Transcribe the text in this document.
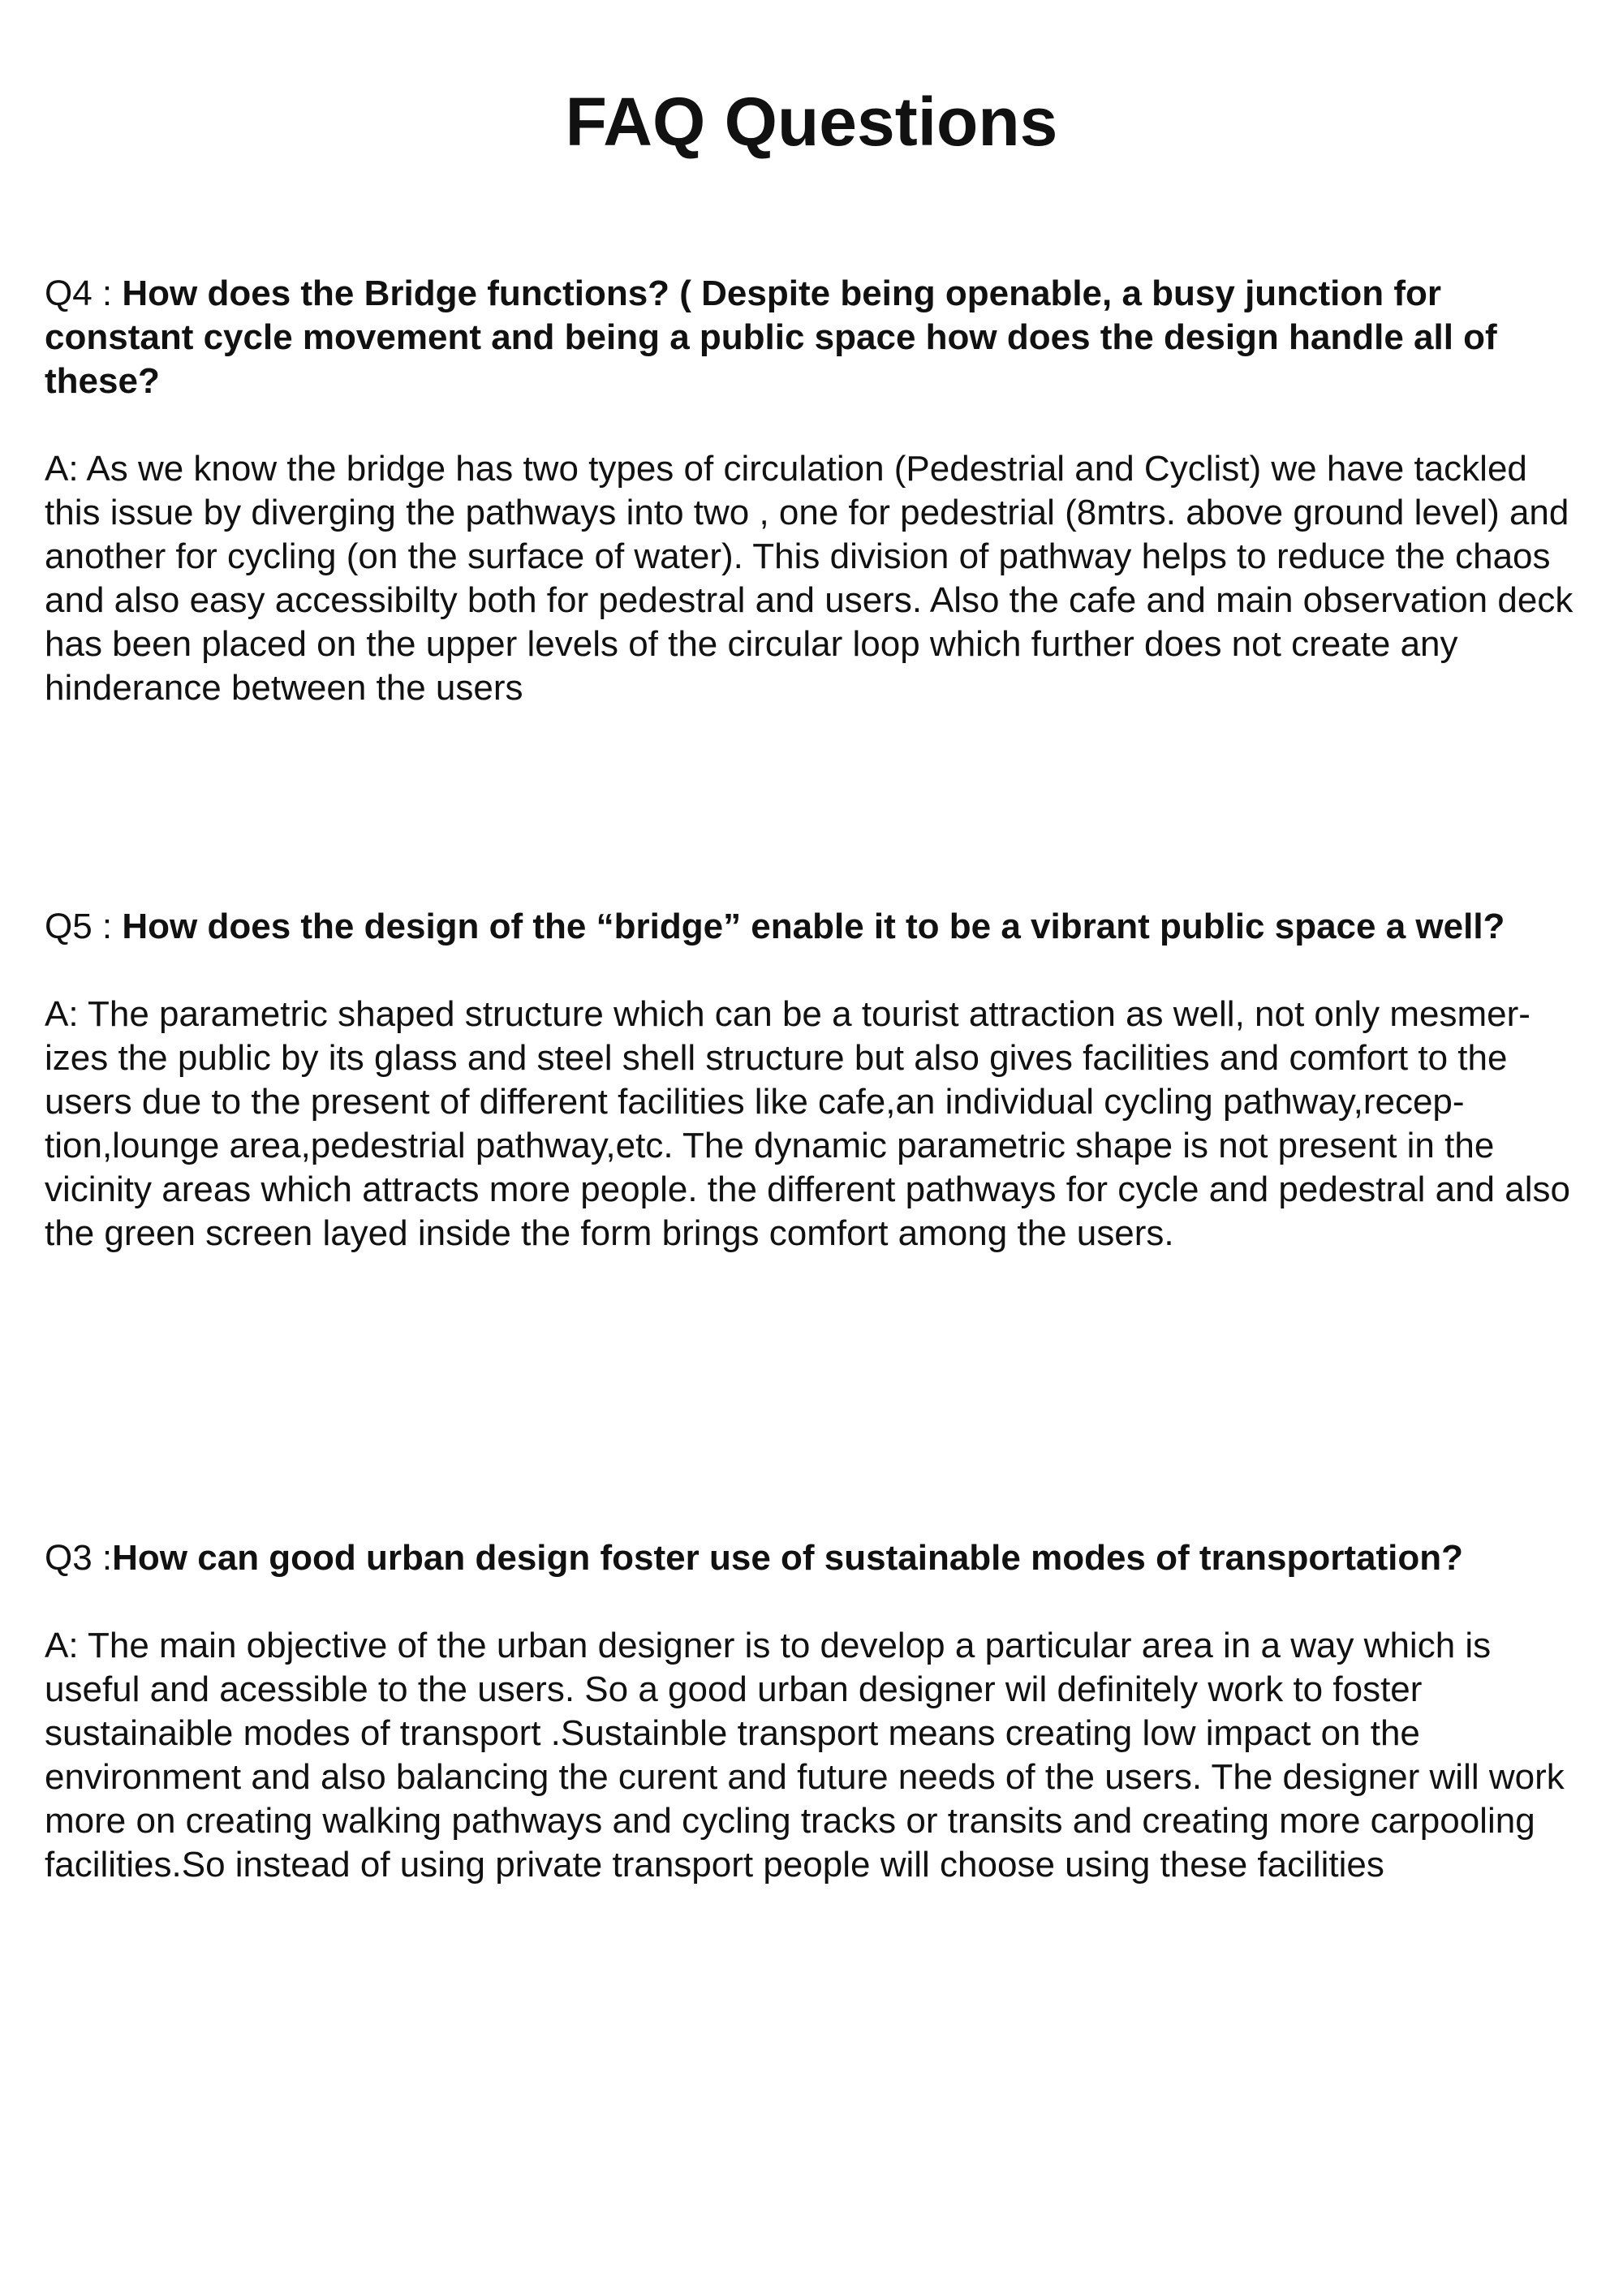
FAQ Questions

Q4 : How does the Bridge functions? ( Despite being openable, a busy junction for constant cycle movement and being a public space how does the design handle all of these?

A: As we know the bridge has two types of circulation (Pedestrial and Cyclist) we have tackled this issue by diverging the pathways into two , one for pedestrial (8mtrs. above ground level) and another for cycling (on the surface of water). This division of pathway helps to reduce the chaos and also easy accessibilty both for pedestral and users. Also the cafe and main observation deck has been placed on the upper levels of the circular loop which further does not create any hinderance between the users

Q5 : How does the design of the “bridge” enable it to be a vibrant public space a well?

A: The parametric shaped structure which can be a tourist attraction as well, not only mesmerizes the public by its glass and steel shell structure but also gives facilities and comfort to the users due to the present of different facilities like cafe,an individual cycling pathway,reception,lounge area,pedestrial pathway,etc. The dynamic parametric shape is not present in the vicinity areas which attracts more people. the different pathways for cycle and pedestral and also the green screen layed inside the form brings comfort among the users.

Q3 :How can good urban design foster use of sustainable modes of transportation?

A: The main objective of the urban designer is to develop a particular area in a way which is useful and acessible to the users. So a good urban designer wil definitely work to foster sustainaible modes of transport .Sustainble transport means creating low impact on the environment and also balancing the curent and future needs of the users. The designer will work more on creating walking pathways and cycling tracks or transits and creating more carpooling facilities.So instead of using private transport people will choose using these facilities
